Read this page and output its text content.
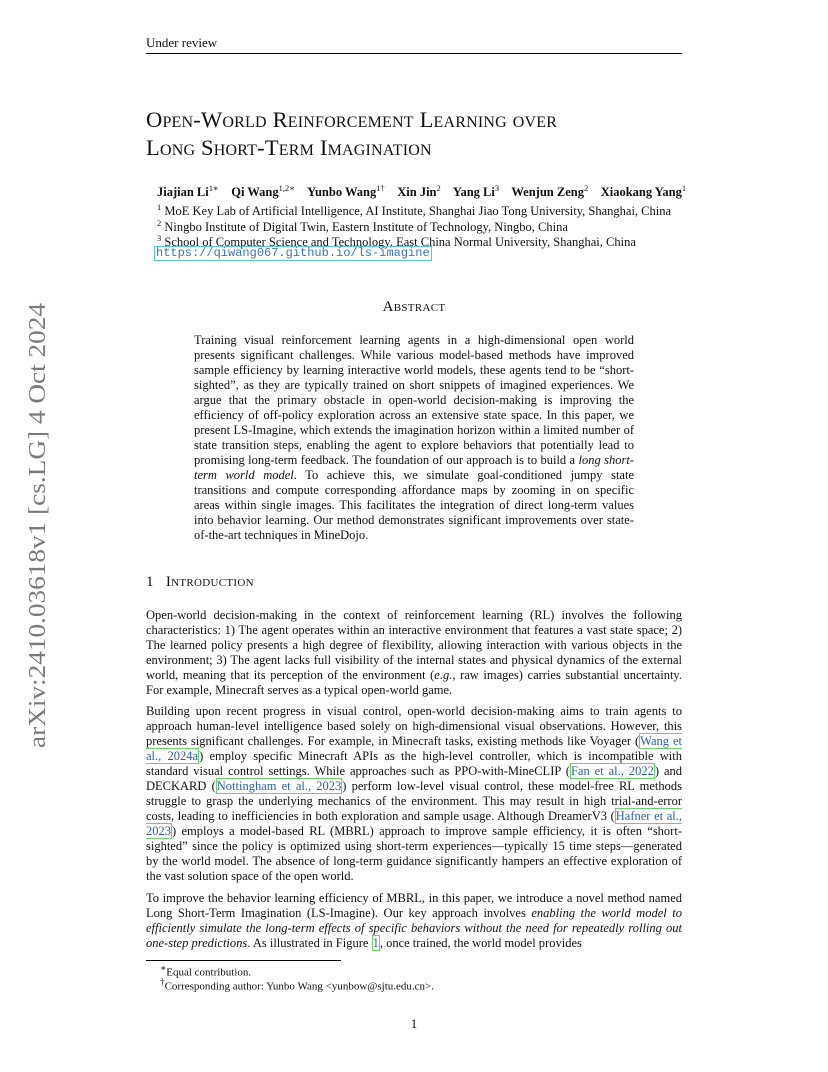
arXiv:2410.03618v1 [cs.LG] 4 Oct 2024
Under review
Open-World Reinforcement Learning over
Long Short-Term Imagination
Jiajian $Li^{1∗}$ Qi Wang$^{1,2∗}$ Yunbo Wang$^{1\dagger}$ Xin Jin$^2$ Yang Li$^3$ Wenjun Zeng$^2$ Xiaokang Yang$^1$
$^1$ MoE Key Lab of Artificial Intelligence, AI Institute, Shanghai Jiao Tong University, Shanghai, China
$^2$ Ningbo Institute of Digital Twin, Eastern Institute of Technology, Ningbo, China
$^3$ School of Computer Science and Technology, East China Normal University, Shanghai, China
https://qiwang067.github.io/ls-imagine
Abstract
Training visual reinforcement learning agents in a high-dimensional open world presents significant challenges. While various model-based methods have improved sample efficiency by learning interactive world models, these agents tend to be “short-sighted”, as they are typically trained on short snippets of imagined experiences. We argue that the primary obstacle in open-world decision-making is improving the efficiency of off-policy exploration across an extensive state space. In this paper, we present LS-Imagine, which extends the imagination horizon within a limited number of state transition steps, enabling the agent to explore behaviors that potentially lead to promising long-term feedback. The foundation of our approach is to build a long short-term world model. To achieve this, we simulate goal-conditioned jumpy state transitions and compute corresponding affordance maps by zooming in on specific areas within single images. This facilitates the integration of direct long-term values into behavior learning. Our method demonstrates significant improvements over state-of-the-art techniques in MineDojo.
1 Introduction
Open-world decision-making in the context of reinforcement learning (RL) involves the following characteristics: 1) The agent operates within an interactive environment that features a vast state space; 2) The learned policy presents a high degree of flexibility, allowing interaction with various objects in the environment; 3) The agent lacks full visibility of the internal states and physical dynamics of the external world, meaning that its perception of the environment (e.g., raw images) carries substantial uncertainty. For example, Minecraft serves as a typical open-world game.
Building upon recent progress in visual control, open-world decision-making aims to train agents to approach human-level intelligence based solely on high-dimensional visual observations. However, this presents significant challenges. For example, in Minecraft tasks, existing methods like Voyager (Wang et al., 2024a) employ specific Minecraft APIs as the high-level controller, which is incompatible with standard visual control settings. While approaches such as PPO-with-MineCLIP (Fan et al., 2022) and DECKARD (Nottingham et al., 2023) perform low-level visual control, these model-free RL methods struggle to grasp the underlying mechanics of the environment. This may result in high trial-and-error costs, leading to inefficiencies in both exploration and sample usage. Although DreamerV3 (Hafner et al., 2023) employs a model-based RL (MBRL) approach to improve sample efficiency, it is often “short-sighted” since the policy is optimized using short-term experiences—typically 15 time steps—generated by the world model. The absence of long-term guidance significantly hampers an effective exploration of the vast solution space of the open world.
To improve the behavior learning efficiency of MBRL, in this paper, we introduce a novel method named Long Short-Term Imagination (LS-Imagine). Our key approach involves enabling the world model to efficiently simulate the long-term effects of specific behaviors without the need for repeatedly rolling out one-step predictions. As illustrated in Figure 1, once trained, the world model provides
∗Equal contribution.
†Corresponding author: Yunbo Wang <yunbow@sjtu.edu.cn>.
1
